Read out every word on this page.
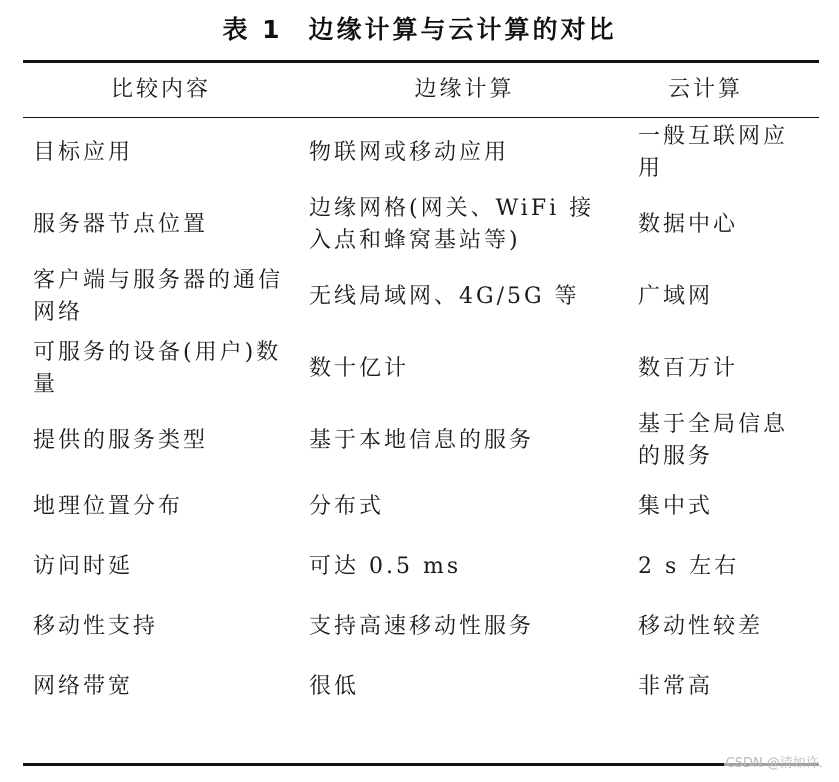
表 1 边缘计算与云计算的对比
比较内容	边缘计算	云计算
目标应用	物联网或移动应用	一般互联网应用
服务器节点位置	边缘网格(网关、WiFi 接入点和蜂窝基站等)	数据中心
客户端与服务器的通信网络	无线局域网、4G/5G 等	广域网
可服务的设备(用户)数量	数十亿计	数百万计
提供的服务类型	基于本地信息的服务	基于全局信息的服务
地理位置分布	分布式	集中式
访问时延	可达 0.5 ms	2 s 左右
移动性支持	支持高速移动性服务	移动性较差
网络带宽	很低	非常高
CSDN @清如许.
